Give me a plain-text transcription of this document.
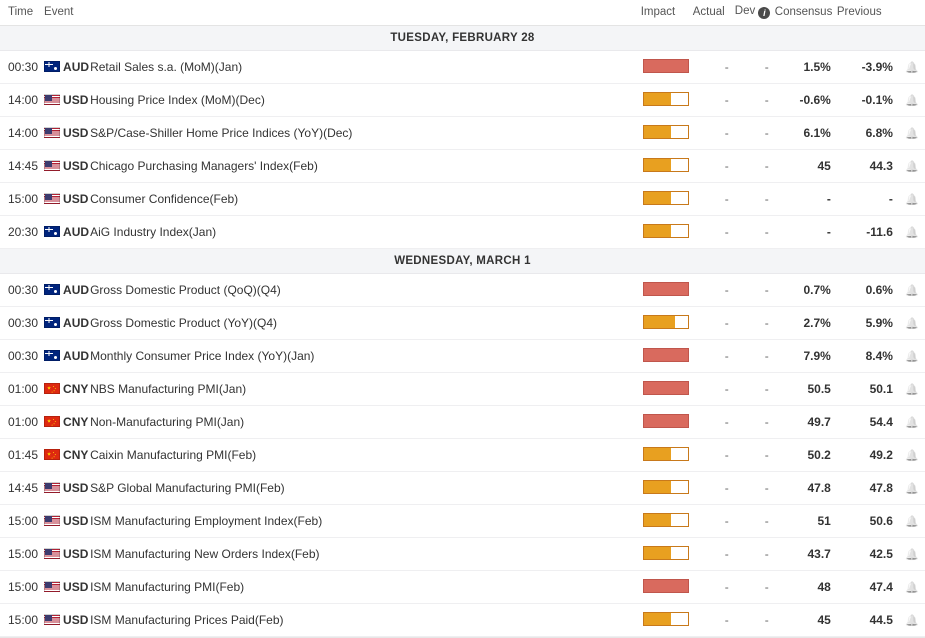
Time	Event		Impact	Actual	Dev i	Consensus	Previous	
TUESDAY, FEBRUARY 28								
00:30	AUD	Retail Sales s.a. (MoM)(Jan)		-	-	1.5%	-3.9%	🔔
14:00	USD	Housing Price Index (MoM)(Dec)		-	-	-0.6%	-0.1%	🔔
14:00	USD	S&P/Case-Shiller Home Price Indices (YoY)(Dec)		-	-	6.1%	6.8%	🔔
14:45	USD	Chicago Purchasing Managers' Index(Feb)		-	-	45	44.3	🔔
15:00	USD	Consumer Confidence(Feb)		-	-	-	-	🔔
20:30	AUD	AiG Industry Index(Jan)		-	-	-	-11.6	🔔
WEDNESDAY, MARCH 1								
00:30	AUD	Gross Domestic Product (QoQ)(Q4)		-	-	0.7%	0.6%	🔔
00:30	AUD	Gross Domestic Product (YoY)(Q4)		-	-	2.7%	5.9%	🔔
00:30	AUD	Monthly Consumer Price Index (YoY)(Jan)		-	-	7.9%	8.4%	🔔
01:00	CNY	NBS Manufacturing PMI(Jan)		-	-	50.5	50.1	🔔
01:00	CNY	Non-Manufacturing PMI(Jan)		-	-	49.7	54.4	🔔
01:45	CNY	Caixin Manufacturing PMI(Feb)		-	-	50.2	49.2	🔔
14:45	USD	S&P Global Manufacturing PMI(Feb)		-	-	47.8	47.8	🔔
15:00	USD	ISM Manufacturing Employment Index(Feb)		-	-	51	50.6	🔔
15:00	USD	ISM Manufacturing New Orders Index(Feb)		-	-	43.7	42.5	🔔
15:00	USD	ISM Manufacturing PMI(Feb)		-	-	48	47.4	🔔
15:00	USD	ISM Manufacturing Prices Paid(Feb)		-	-	45	44.5	🔔
